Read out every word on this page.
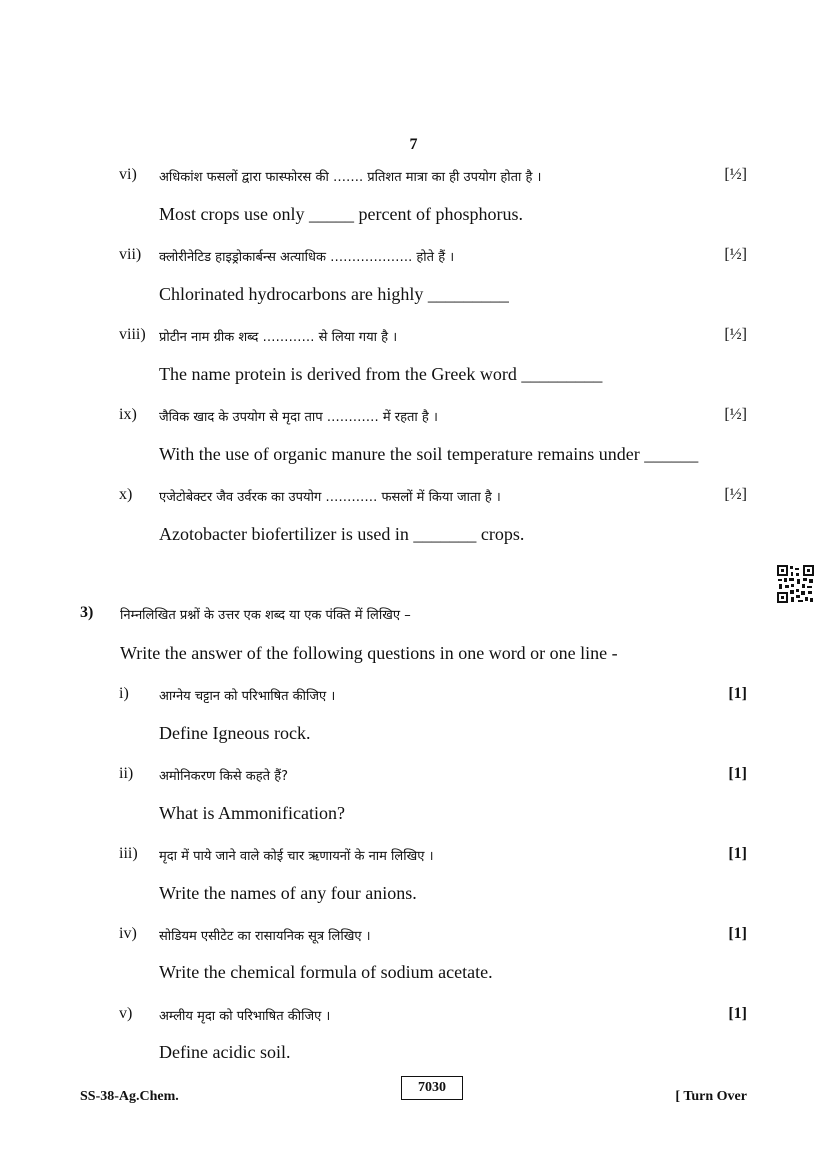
7
vi) अधिकांश फसलों द्वारा फास्फोरस की ……. प्रतिशत मात्रा का ही उपयोग होता है ।	[½]
Most crops use only _____ percent of phosphorus.
vii) क्लोरीनेटिड हाइड्रोकार्बन्स अत्याधिक ………………. होते हैं ।	[½]
Chlorinated hydrocarbons are highly _________
viii) प्रोटीन नाम ग्रीक शब्द ………… से लिया गया है ।	[½]
The name protein is derived from the Greek word _________
ix) जैविक खाद के उपयोग से मृदा ताप ………… में रहता है ।	[½]
With the use of organic manure the soil temperature remains under ______
x) एजेटोबेक्टर जैव उर्वरक का उपयोग ………… फसलों में किया जाता है ।	[½]
Azotobacter biofertilizer is used in _______ crops.
3) निम्नलिखित प्रश्नों के उत्तर एक शब्द या एक पंक्ति में लिखिए –
Write the answer of the following questions in one word or one line -
i) आग्नेय चट्टान को परिभाषित कीजिए ।	[1]
Define Igneous rock.
ii) अमोनिकरण किसे कहते हैं?	[1]
What is Ammonification?
iii) मृदा में पाये जाने वाले कोई चार ऋणायनों के नाम लिखिए ।	[1]
Write the names of any four anions.
iv) सोडियम एसीटेट का रासायनिक सूत्र लिखिए ।	[1]
Write the chemical formula of sodium acetate.
v) अम्लीय मृदा को परिभाषित कीजिए ।	[1]
Define acidic soil.
SS-38-Ag.Chem.
7030
[ Turn Over
